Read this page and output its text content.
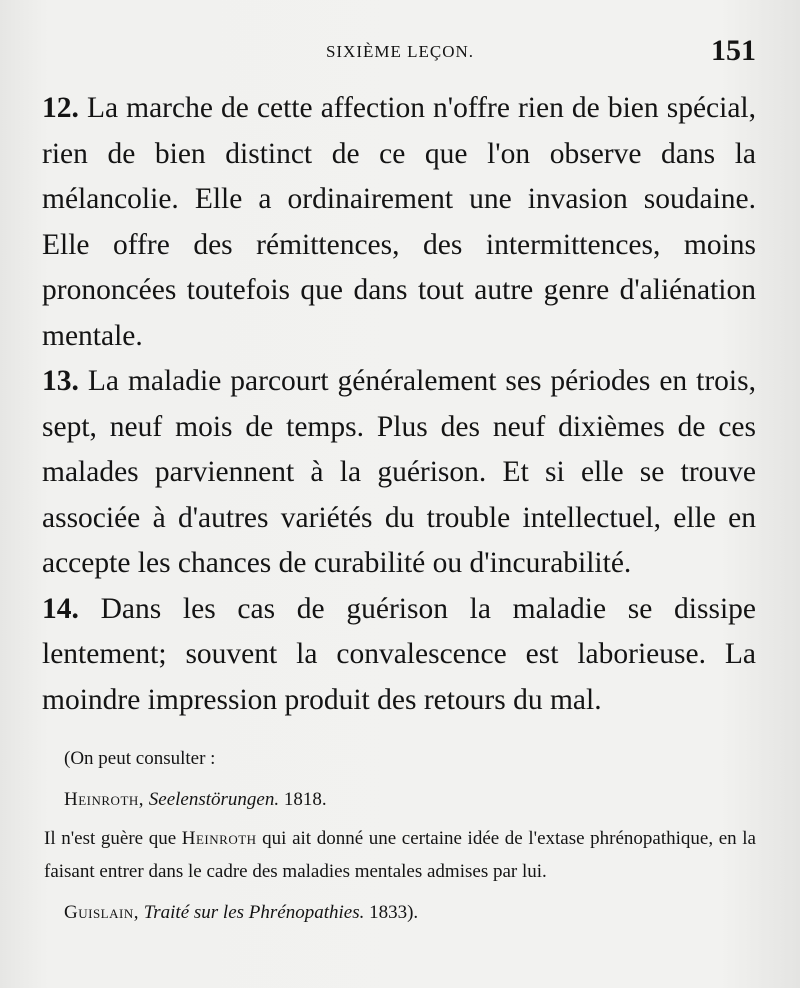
SIXIÈME LEÇON.	151

12. La marche de cette affection n'offre rien de bien spécial, rien de bien distinct de ce que l'on observe dans la mélancolie. Elle a ordinairement une invasion soudaine. Elle offre des rémittences, des intermittences, moins prononcées toutefois que dans tout autre genre d'aliénation mentale.

13. La maladie parcourt généralement ses périodes en trois, sept, neuf mois de temps. Plus des neuf dixièmes de ces malades parviennent à la guérison. Et si elle se trouve associée à d'autres variétés du trouble intellectuel, elle en accepte les chances de curabilité ou d'incurabilité.

14. Dans les cas de guérison la maladie se dissipe lentement; souvent la convalescence est laborieuse. La moindre impression produit des retours du mal.

(On peut consulter :

Heinroth, Seelenstörungen. 1818.

Il n'est guère que Heinroth qui ait donné une certaine idée de l'extase phrénopathique, en la faisant entrer dans le cadre des maladies mentales admises par lui.

Guislain, Traité sur les Phrénopathies. 1833).
